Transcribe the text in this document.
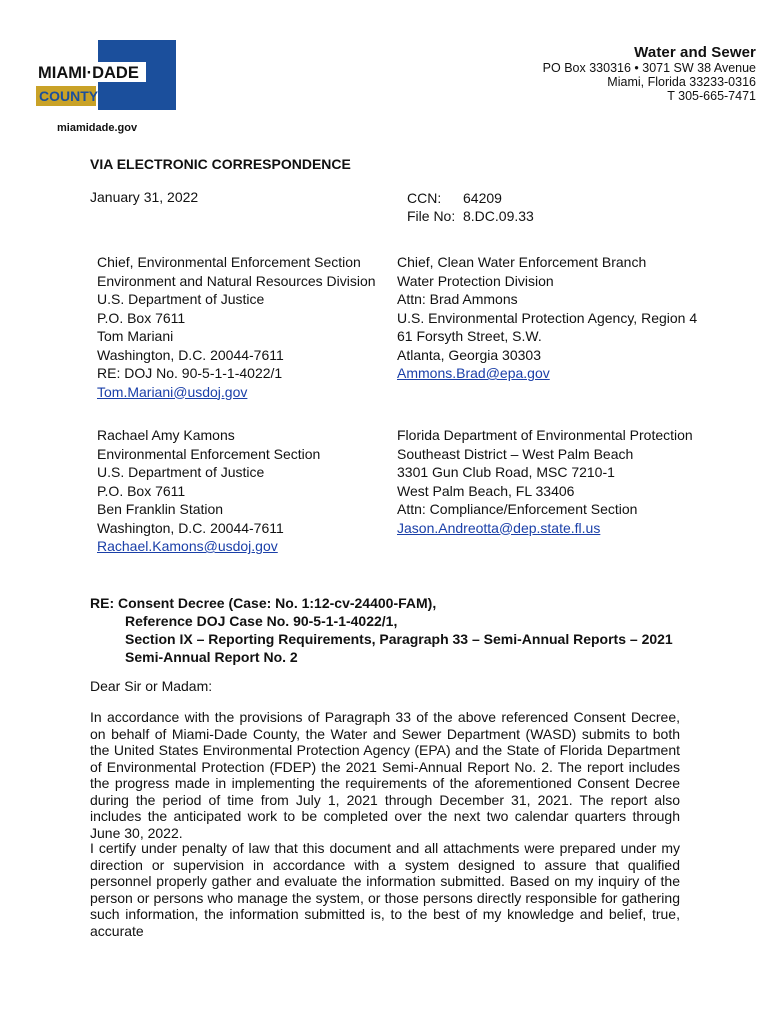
MIAMI·DADE
COUNTY
miamidade.gov
Water and Sewer
PO Box 330316 • 3071 SW 38 Avenue
Miami, Florida 33233-0316
T 305-665-7471
VIA ELECTRONIC CORRESPONDENCE
January 31, 2022	CCN: 64209
File No: 8.DC.09.33
Chief, Environmental Enforcement Section
Environment and Natural Resources Division
U.S. Department of Justice
P.O. Box 7611
Tom Mariani
Washington, D.C. 20044-7611
RE: DOJ No. 90-5-1-1-4022/1
Tom.Mariani@usdoj.gov
Chief, Clean Water Enforcement Branch
Water Protection Division
Attn: Brad Ammons
U.S. Environmental Protection Agency, Region 4
61 Forsyth Street, S.W.
Atlanta, Georgia 30303
Ammons.Brad@epa.gov
Rachael Amy Kamons
Environmental Enforcement Section
U.S. Department of Justice
P.O. Box 7611
Ben Franklin Station
Washington, D.C. 20044-7611
Rachael.Kamons@usdoj.gov
Florida Department of Environmental Protection
Southeast District – West Palm Beach
3301 Gun Club Road, MSC 7210-1
West Palm Beach, FL 33406
Attn: Compliance/Enforcement Section
Jason.Andreotta@dep.state.fl.us
RE: Consent Decree (Case: No. 1:12-cv-24400-FAM),
Reference DOJ Case No. 90-5-1-1-4022/1,
Section IX – Reporting Requirements, Paragraph 33 – Semi-Annual Reports – 2021
Semi-Annual Report No. 2
Dear Sir or Madam:
In accordance with the provisions of Paragraph 33 of the above referenced Consent Decree, on behalf of Miami-Dade County, the Water and Sewer Department (WASD) submits to both the United States Environmental Protection Agency (EPA) and the State of Florida Department of Environmental Protection (FDEP) the 2021 Semi-Annual Report No. 2. The report includes the progress made in implementing the requirements of the aforementioned Consent Decree during the period of time from July 1, 2021 through December 31, 2021. The report also includes the anticipated work to be completed over the next two calendar quarters through June 30, 2022.
I certify under penalty of law that this document and all attachments were prepared under my direction or supervision in accordance with a system designed to assure that qualified personnel properly gather and evaluate the information submitted. Based on my inquiry of the person or persons who manage the system, or those persons directly responsible for gathering such information, the information submitted is, to the best of my knowledge and belief, true, accurate
